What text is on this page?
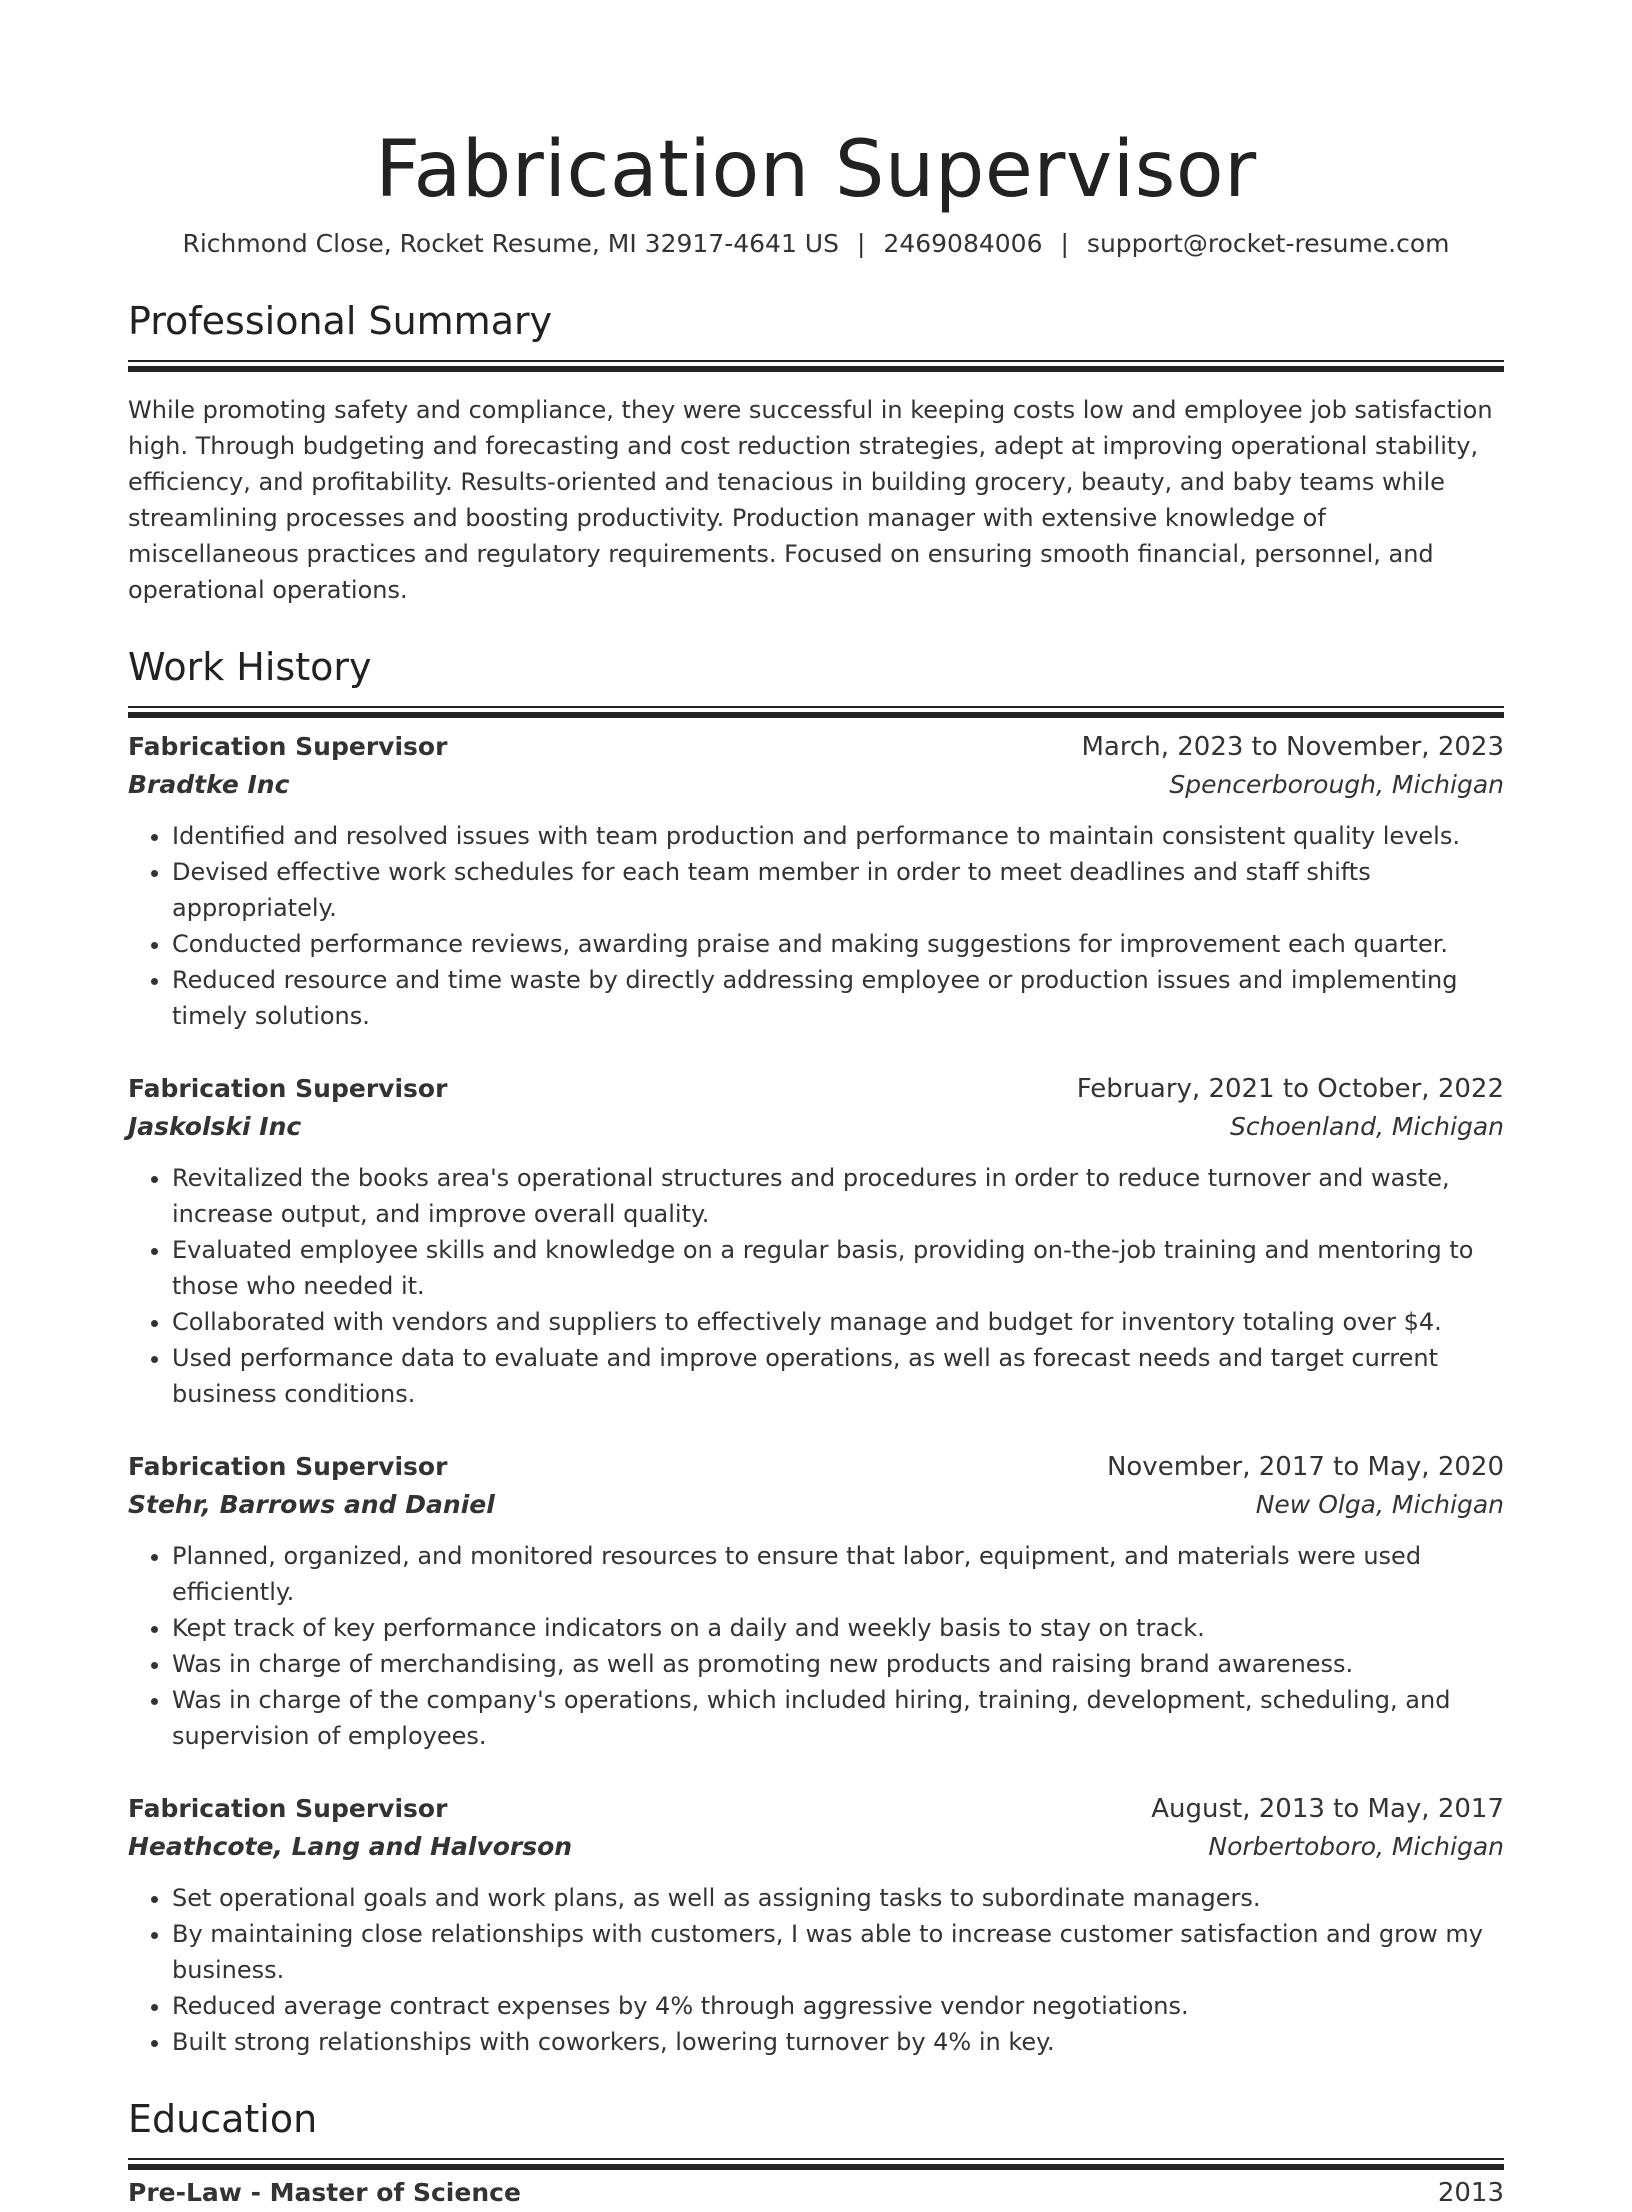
Fabrication Supervisor
Richmond Close, Rocket Resume, MI 32917-4641 US | 2469084006 | support@rocket-resume.com
Professional Summary
While promoting safety and compliance, they were successful in keeping costs low and employee job satisfaction high. Through budgeting and forecasting and cost reduction strategies, adept at improving operational stability, efficiency, and profitability. Results-oriented and tenacious in building grocery, beauty, and baby teams while streamlining processes and boosting productivity. Production manager with extensive knowledge of miscellaneous practices and regulatory requirements. Focused on ensuring smooth financial, personnel, and operational operations.
Work History
Fabrication Supervisor	March, 2023 to November, 2023
Bradtke Inc	Spencerborough, Michigan
• Identified and resolved issues with team production and performance to maintain consistent quality levels.
• Devised effective work schedules for each team member in order to meet deadlines and staff shifts appropriately.
• Conducted performance reviews, awarding praise and making suggestions for improvement each quarter.
• Reduced resource and time waste by directly addressing employee or production issues and implementing timely solutions.
Fabrication Supervisor	February, 2021 to October, 2022
Jaskolski Inc	Schoenland, Michigan
• Revitalized the books area's operational structures and procedures in order to reduce turnover and waste, increase output, and improve overall quality.
• Evaluated employee skills and knowledge on a regular basis, providing on-the-job training and mentoring to those who needed it.
• Collaborated with vendors and suppliers to effectively manage and budget for inventory totaling over $4.
• Used performance data to evaluate and improve operations, as well as forecast needs and target current business conditions.
Fabrication Supervisor	November, 2017 to May, 2020
Stehr, Barrows and Daniel	New Olga, Michigan
• Planned, organized, and monitored resources to ensure that labor, equipment, and materials were used efficiently.
• Kept track of key performance indicators on a daily and weekly basis to stay on track.
• Was in charge of merchandising, as well as promoting new products and raising brand awareness.
• Was in charge of the company's operations, which included hiring, training, development, scheduling, and supervision of employees.
Fabrication Supervisor	August, 2013 to May, 2017
Heathcote, Lang and Halvorson	Norbertoboro, Michigan
• Set operational goals and work plans, as well as assigning tasks to subordinate managers.
• By maintaining close relationships with customers, I was able to increase customer satisfaction and grow my business.
• Reduced average contract expenses by 4% through aggressive vendor negotiations.
• Built strong relationships with coworkers, lowering turnover by 4% in key.
Education
Pre-Law - Master of Science	2013
